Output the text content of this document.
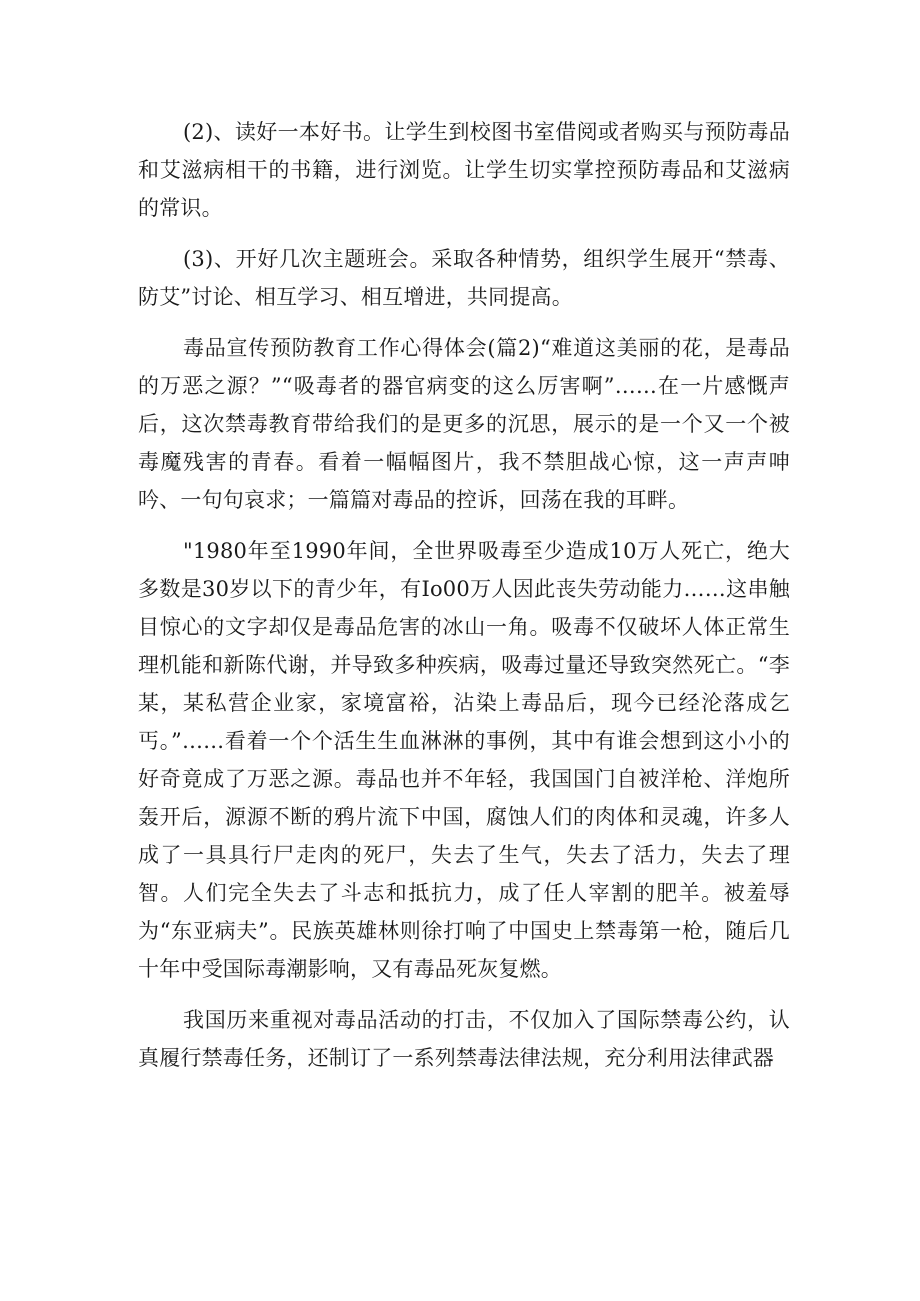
(2)、读好一本好书。让学生到校图书室借阅或者购买与预防毒品和艾滋病相干的书籍，进行浏览。让学生切实掌控预防毒品和艾滋病的常识。

(3)、开好几次主题班会。采取各种情势，组织学生展开“禁毒、防艾”讨论、相互学习、相互增进，共同提高。

毒品宣传预防教育工作心得体会(篇2)“难道这美丽的花，是毒品的万恶之源？”“吸毒者的器官病变的这么厉害啊”……在一片感慨声后，这次禁毒教育带给我们的是更多的沉思，展示的是一个又一个被毒魔残害的青春。看着一幅幅图片，我不禁胆战心惊，这一声声呻吟、一句句哀求；一篇篇对毒品的控诉，回荡在我的耳畔。

"1980年至1990年间，全世界吸毒至少造成10万人死亡，绝大多数是30岁以下的青少年，有Io00万人因此丧失劳动能力……这串触目惊心的文字却仅是毒品危害的冰山一角。吸毒不仅破坏人体正常生理机能和新陈代谢，并导致多种疾病，吸毒过量还导致突然死亡。“李某，某私营企业家，家境富裕，沾染上毒品后，现今已经沦落成乞丐。”……看着一个个活生生血淋淋的事例，其中有谁会想到这小小的好奇竟成了万恶之源。毒品也并不年轻，我国国门自被洋枪、洋炮所轰开后，源源不断的鸦片流下中国，腐蚀人们的肉体和灵魂，许多人成了一具具行尸走肉的死尸，失去了生气，失去了活力，失去了理智。人们完全失去了斗志和抵抗力，成了任人宰割的肥羊。被羞辱为“东亚病夫”。民族英雄林则徐打响了中国史上禁毒第一枪，随后几十年中受国际毒潮影响，又有毒品死灰复燃。

我国历来重视对毒品活动的打击，不仅加入了国际禁毒公约，认真履行禁毒任务，还制订了一系列禁毒法律法规，充分利用法律武器
